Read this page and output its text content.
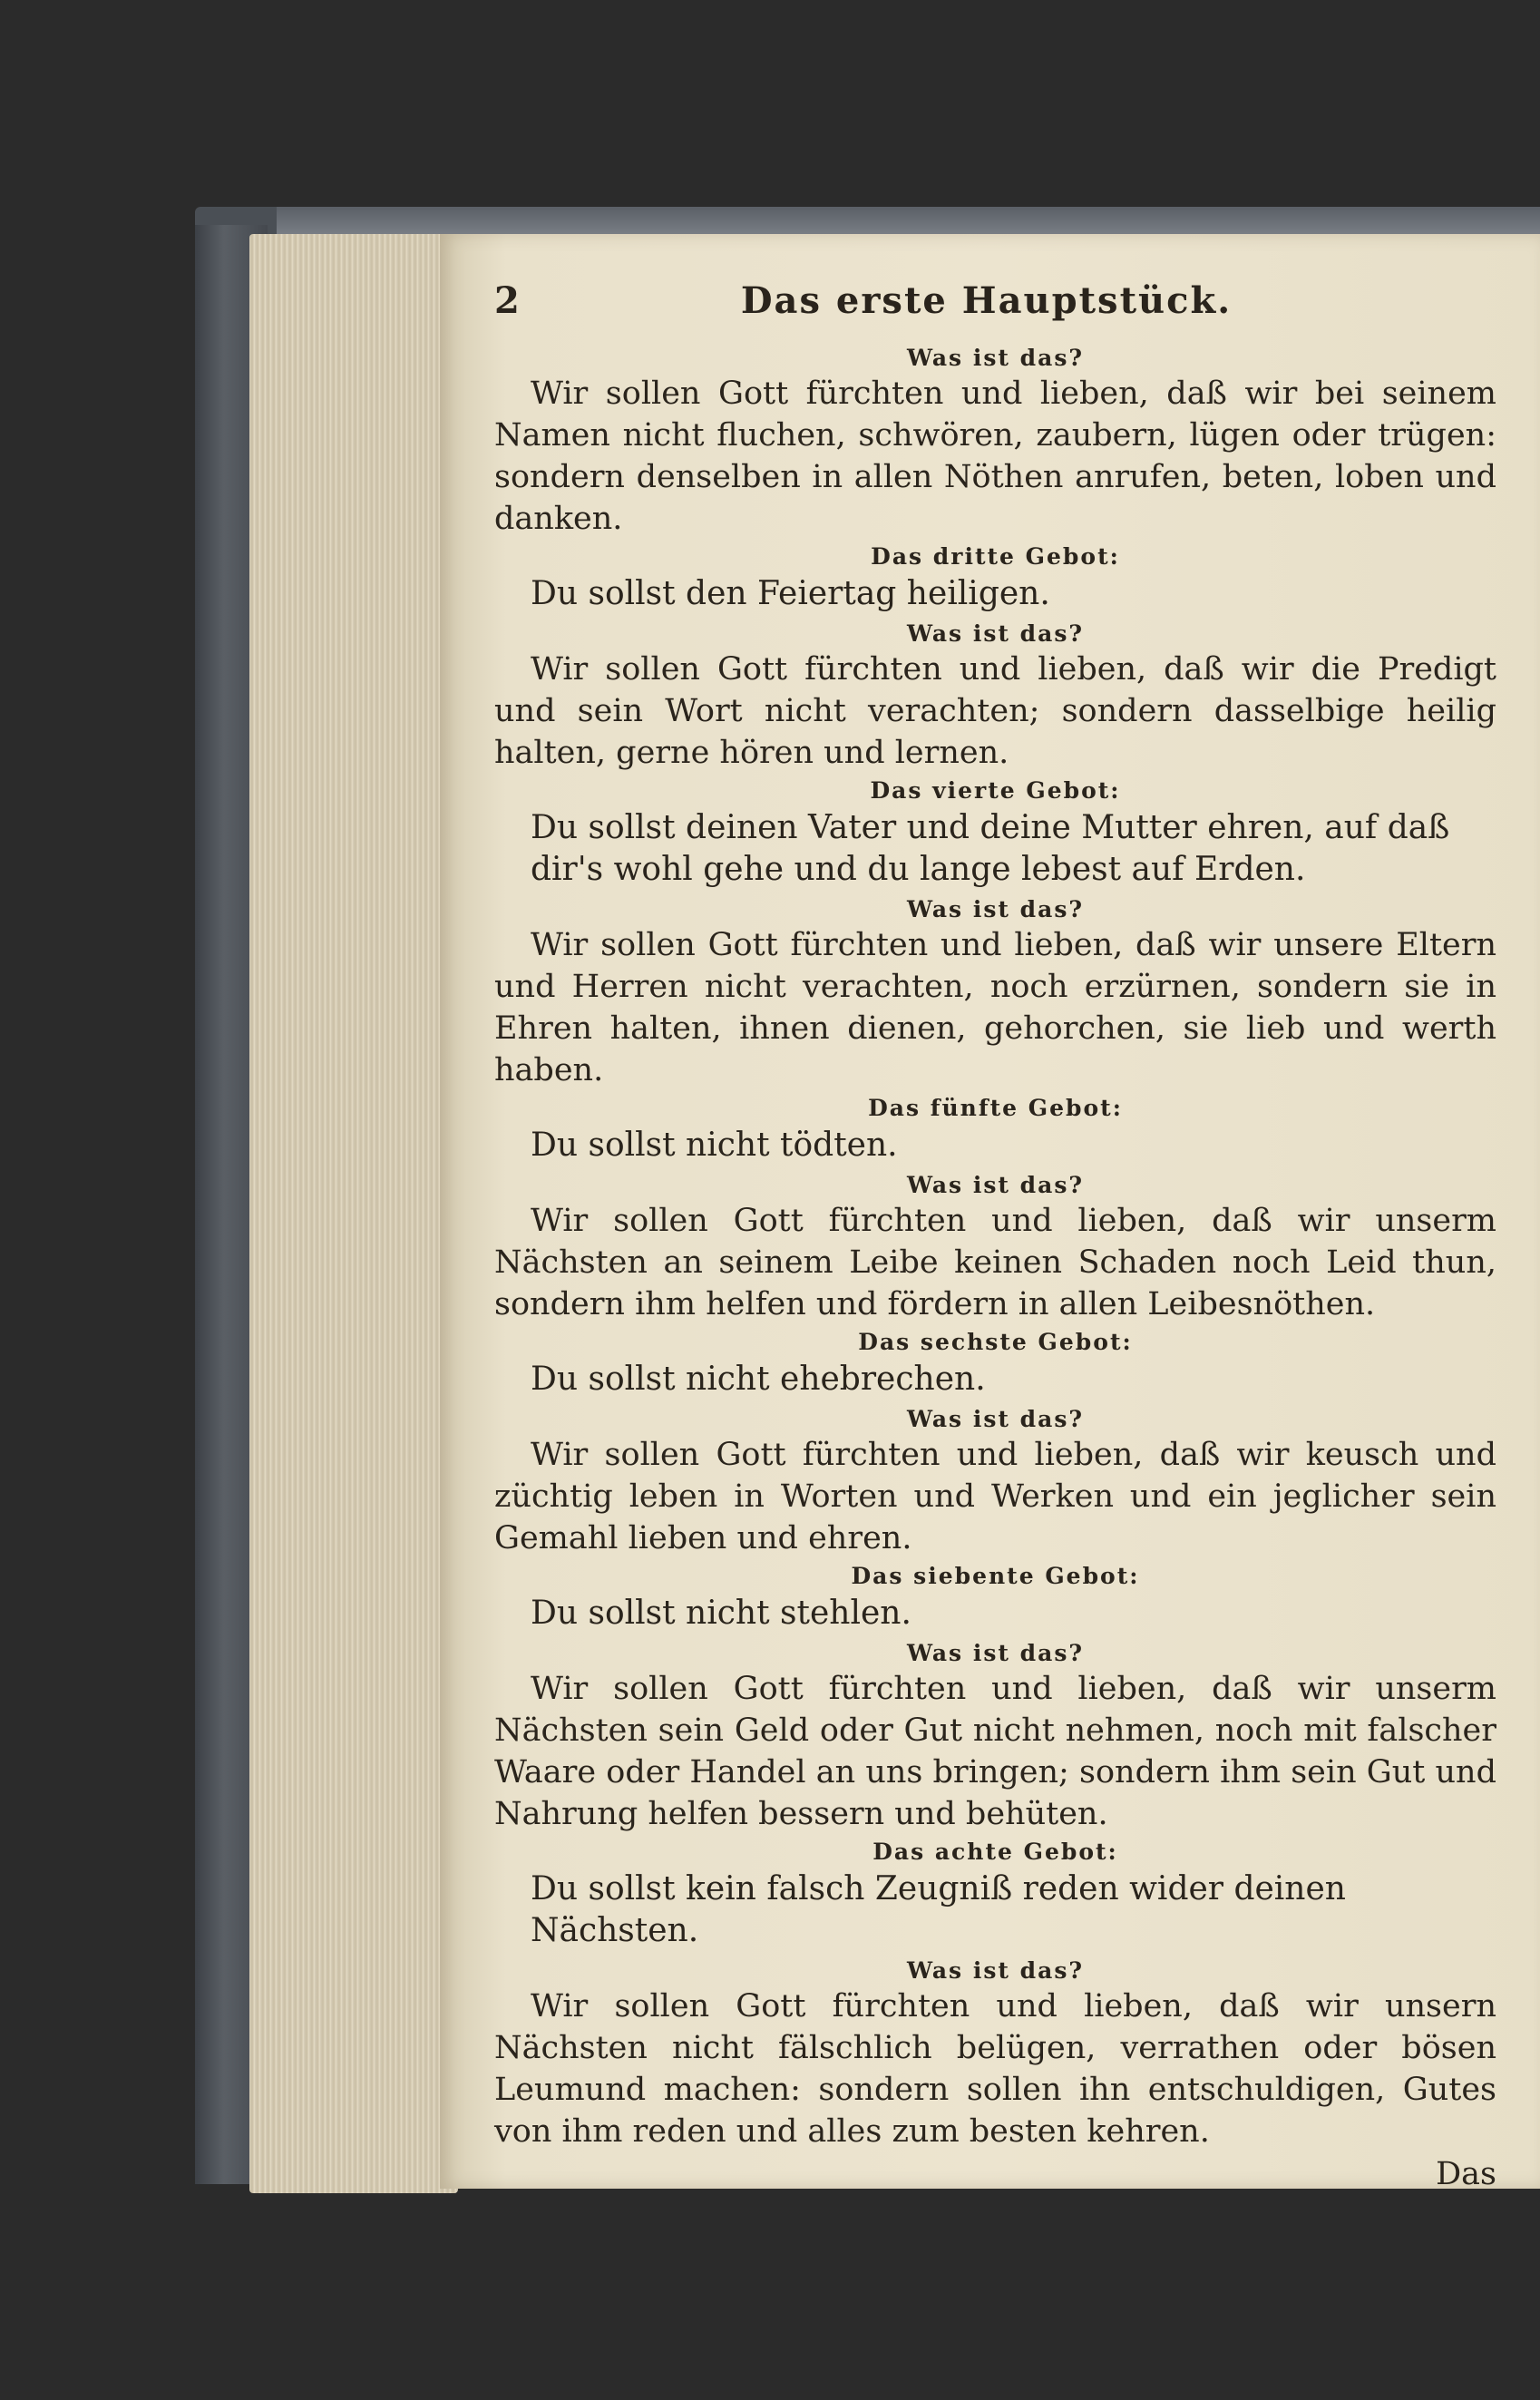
2	Das erste Hauptstück.
Was ist das?
Wir sollen Gott fürchten und lieben, daß wir bei seinem Namen nicht fluchen, schwören, zaubern, lügen oder trügen: sondern denselben in allen Nöthen anrufen, beten, loben und danken.
Das dritte Gebot:
Du sollst den Feiertag heiligen.
Was ist das?
Wir sollen Gott fürchten und lieben, daß wir die Predigt und sein Wort nicht verachten; sondern dasselbige heilig halten, gerne hören und lernen.
Das vierte Gebot:
Du sollst deinen Vater und deine Mutter ehren, auf daß dir's wohl gehe und du lange lebest auf Erden.
Was ist das?
Wir sollen Gott fürchten und lieben, daß wir unsere Eltern und Herren nicht verachten, noch erzürnen, sondern sie in Ehren halten, ihnen dienen, gehorchen, sie lieb und werth haben.
Das fünfte Gebot:
Du sollst nicht tödten.
Was ist das?
Wir sollen Gott fürchten und lieben, daß wir unserm Nächsten an seinem Leibe keinen Schaden noch Leid thun, sondern ihm helfen und fördern in allen Leibesnöthen.
Das sechste Gebot:
Du sollst nicht ehebrechen.
Was ist das?
Wir sollen Gott fürchten und lieben, daß wir keusch und züchtig leben in Worten und Werken und ein jeglicher sein Gemahl lieben und ehren.
Das siebente Gebot:
Du sollst nicht stehlen.
Was ist das?
Wir sollen Gott fürchten und lieben, daß wir unserm Nächsten sein Geld oder Gut nicht nehmen, noch mit falscher Waare oder Handel an uns bringen; sondern ihm sein Gut und Nahrung helfen bessern und behüten.
Das achte Gebot:
Du sollst kein falsch Zeugniß reden wider deinen Nächsten.
Was ist das?
Wir sollen Gott fürchten und lieben, daß wir unsern Nächsten nicht fälschlich belügen, verrathen oder bösen Leumund machen: sondern sollen ihn entschuldigen, Gutes von ihm reden und alles zum besten kehren.
Das
